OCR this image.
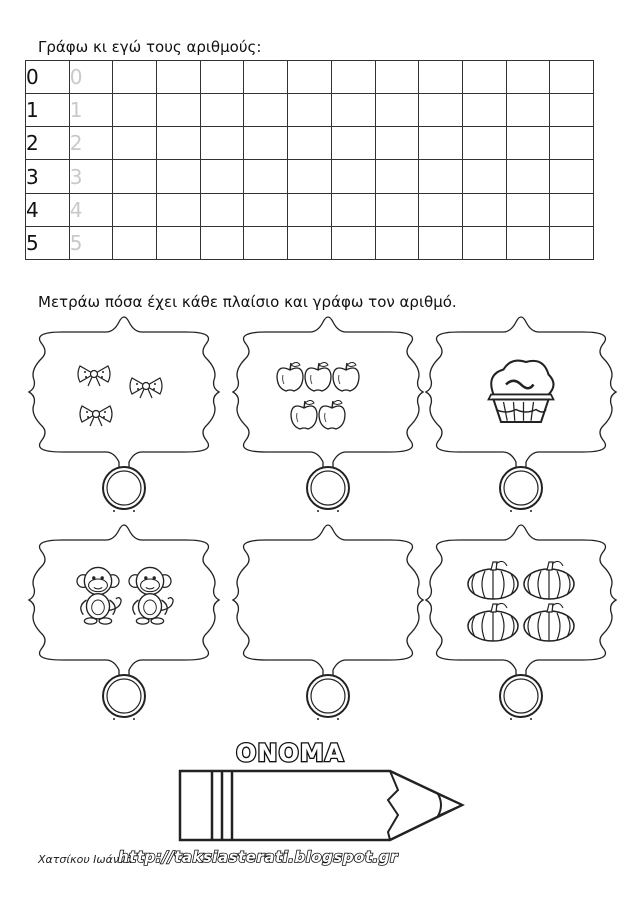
Γράφω κι εγώ τους αριθμούς:
0	0											
1	1											
2	2											
3	3											
4	4											
5	5											
Μετράω πόσα έχει κάθε πλαίσιο και γράφω τον αριθμό.
ΟΝΟΜΑ
Χατσίκου Ιωάννα
http://taksiasterati.blogspot.gr
